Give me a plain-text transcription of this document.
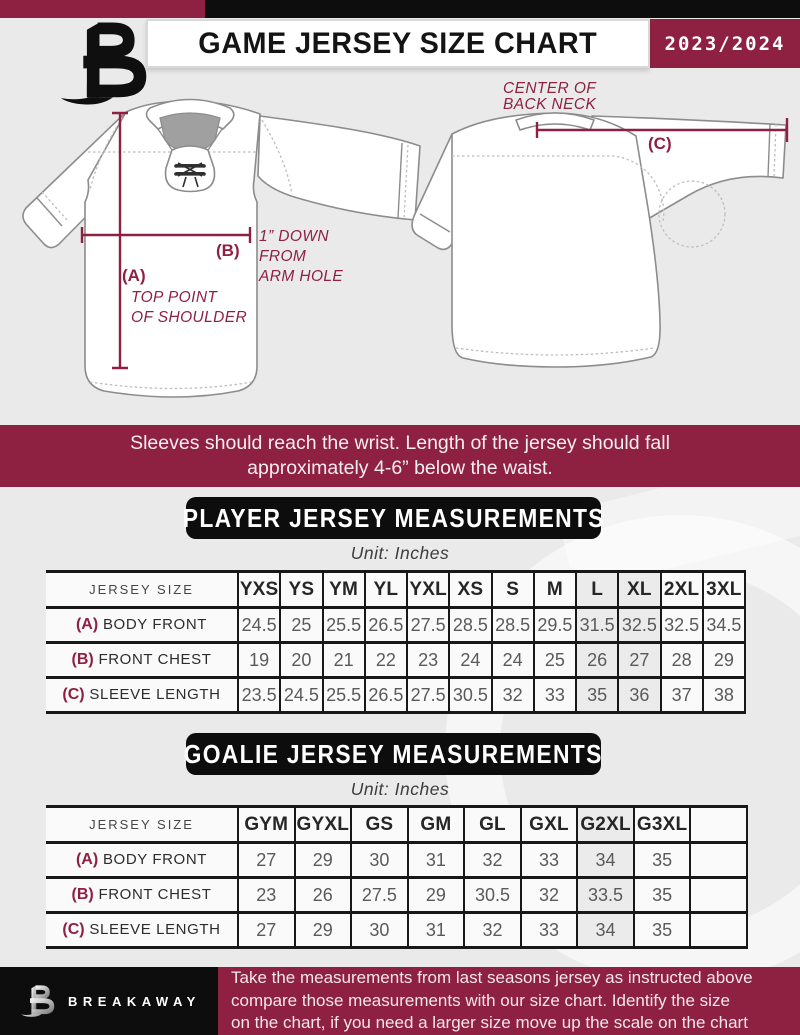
GAME JERSEY SIZE CHART	2023/2024
(A)
TOP POINT
OF SHOULDER
(B)
1” DOWN
FROM
ARM HOLE
(C)
CENTER OF
BACK NECK
Sleeves should reach the wrist. Length of the jersey should fall
approximately 4-6” below the waist.
PLAYER JERSEY MEASUREMENTS
Unit: Inches
JERSEY SIZE	YXS	YS	YM	YL	YXL	XS	S	M	L	XL	2XL	3XL
(A) BODY FRONT	24.5	25	25.5	26.5	27.5	28.5	28.5	29.5	31.5	32.5	32.5	34.5
(B) FRONT CHEST	19	20	21	22	23	24	24	25	26	27	28	29
(C) SLEEVE LENGTH	23.5	24.5	25.5	26.5	27.5	30.5	32	33	35	36	37	38
GOALIE JERSEY MEASUREMENTS
Unit: Inches
JERSEY SIZE	GYM	GYXL	GS	GM	GL	GXL	G2XL	G3XL	
(A) BODY FRONT	27	29	30	31	32	33	34	35	
(B) FRONT CHEST	23	26	27.5	29	30.5	32	33.5	35	
(C) SLEEVE LENGTH	27	29	30	31	32	33	34	35	
BREAKAWAY
Take the measurements from last seasons jersey as instructed above
compare those measurements with our size chart. Identify the size
on the chart, if you need a larger size move up the scale on the chart
